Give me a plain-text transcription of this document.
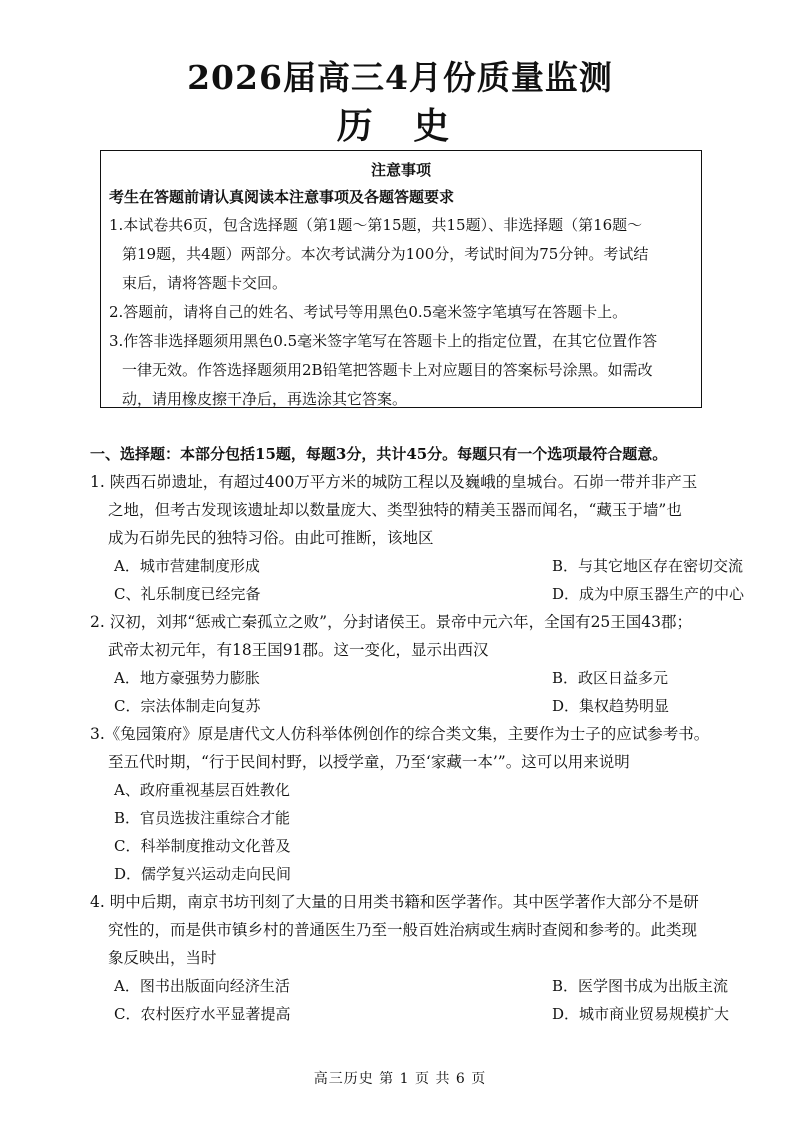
2026届高三4月份质量监测
历 史
注意事项
考生在答题前请认真阅读本注意事项及各题答题要求
1.本试卷共6页，包含选择题（第1题～第15题，共15题）、非选择题（第16题～
第19题，共4题）两部分。本次考试满分为100分，考试时间为75分钟。考试结
束后，请将答题卡交回。
2.答题前，请将自己的姓名、考试号等用黑色0.5毫米签字笔填写在答题卡上。
3.作答非选择题须用黑色0.5毫米签字笔写在答题卡上的指定位置，在其它位置作答
一律无效。作答选择题须用2B铅笔把答题卡上对应题目的答案标号涂黑。如需改
动，请用橡皮擦干净后，再选涂其它答案。
一、选择题：本部分包括15题，每题3分，共计45分。每题只有一个选项最符合题意。
1. 陕西石峁遗址，有超过400万平方米的城防工程以及巍峨的皇城台。石峁一带并非产玉
之地，但考古发现该遗址却以数量庞大、类型独特的精美玉器而闻名，“藏玉于墙”也
成为石峁先民的独特习俗。由此可推断，该地区
A．城市营建制度形成	B．与其它地区存在密切交流
C、礼乐制度已经完备	D．成为中原玉器生产的中心
2. 汉初，刘邦“惩戒亡秦孤立之败”，分封诸侯王。景帝中元六年，全国有25王国43郡；
武帝太初元年，有18王国91郡。这一变化，显示出西汉
A．地方豪强势力膨胀	B．政区日益多元
C．宗法体制走向复苏	D．集权趋势明显
3.《兔园策府》原是唐代文人仿科举体例创作的综合类文集，主要作为士子的应试参考书。
至五代时期，“行于民间村野，以授学童，乃至‘家藏一本’”。这可以用来说明
A、政府重视基层百姓教化
B．官员选拔注重综合才能
C．科举制度推动文化普及
D．儒学复兴运动走向民间
4. 明中后期，南京书坊刊刻了大量的日用类书籍和医学著作。其中医学著作大部分不是研
究性的，而是供市镇乡村的普通医生乃至一般百姓治病或生病时查阅和参考的。此类现
象反映出，当时
A．图书出版面向经济生活	B．医学图书成为出版主流
C．农村医疗水平显著提高	D．城市商业贸易规模扩大
高三历史 第 1 页 共 6 页
